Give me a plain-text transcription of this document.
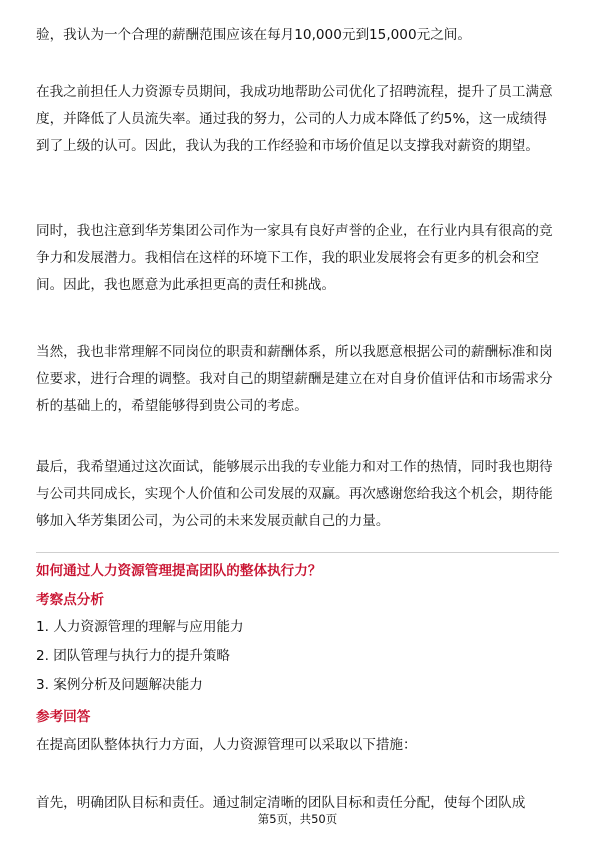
验，我认为一个合理的薪酬范围应该在每月10,000元到15,000元之间。

在我之前担任人力资源专员期间，我成功地帮助公司优化了招聘流程，提升了员工满意度，并降低了人员流失率。通过我的努力，公司的人力成本降低了约5%，这一成绩得到了上级的认可。因此，我认为我的工作经验和市场价值足以支撑我对薪资的期望。

同时，我也注意到华芳集团公司作为一家具有良好声誉的企业，在行业内具有很高的竞争力和发展潜力。我相信在这样的环境下工作，我的职业发展将会有更多的机会和空间。因此，我也愿意为此承担更高的责任和挑战。

当然，我也非常理解不同岗位的职责和薪酬体系，所以我愿意根据公司的薪酬标准和岗位要求，进行合理的调整。我对自己的期望薪酬是建立在对自身价值评估和市场需求分析的基础上的，希望能够得到贵公司的考虑。

最后，我希望通过这次面试，能够展示出我的专业能力和对工作的热情，同时我也期待与公司共同成长，实现个人价值和公司发展的双赢。再次感谢您给我这个机会，期待能够加入华芳集团公司，为公司的未来发展贡献自己的力量。

如何通过人力资源管理提高团队的整体执行力？

考察点分析

1. 人力资源管理的理解与应用能力

2. 团队管理与执行力的提升策略

3. 案例分析及问题解决能力

参考回答

在提高团队整体执行力方面，人力资源管理可以采取以下措施：

首先，明确团队目标和责任。通过制定清晰的团队目标和责任分配，使每个团队成

第5页，共50页
